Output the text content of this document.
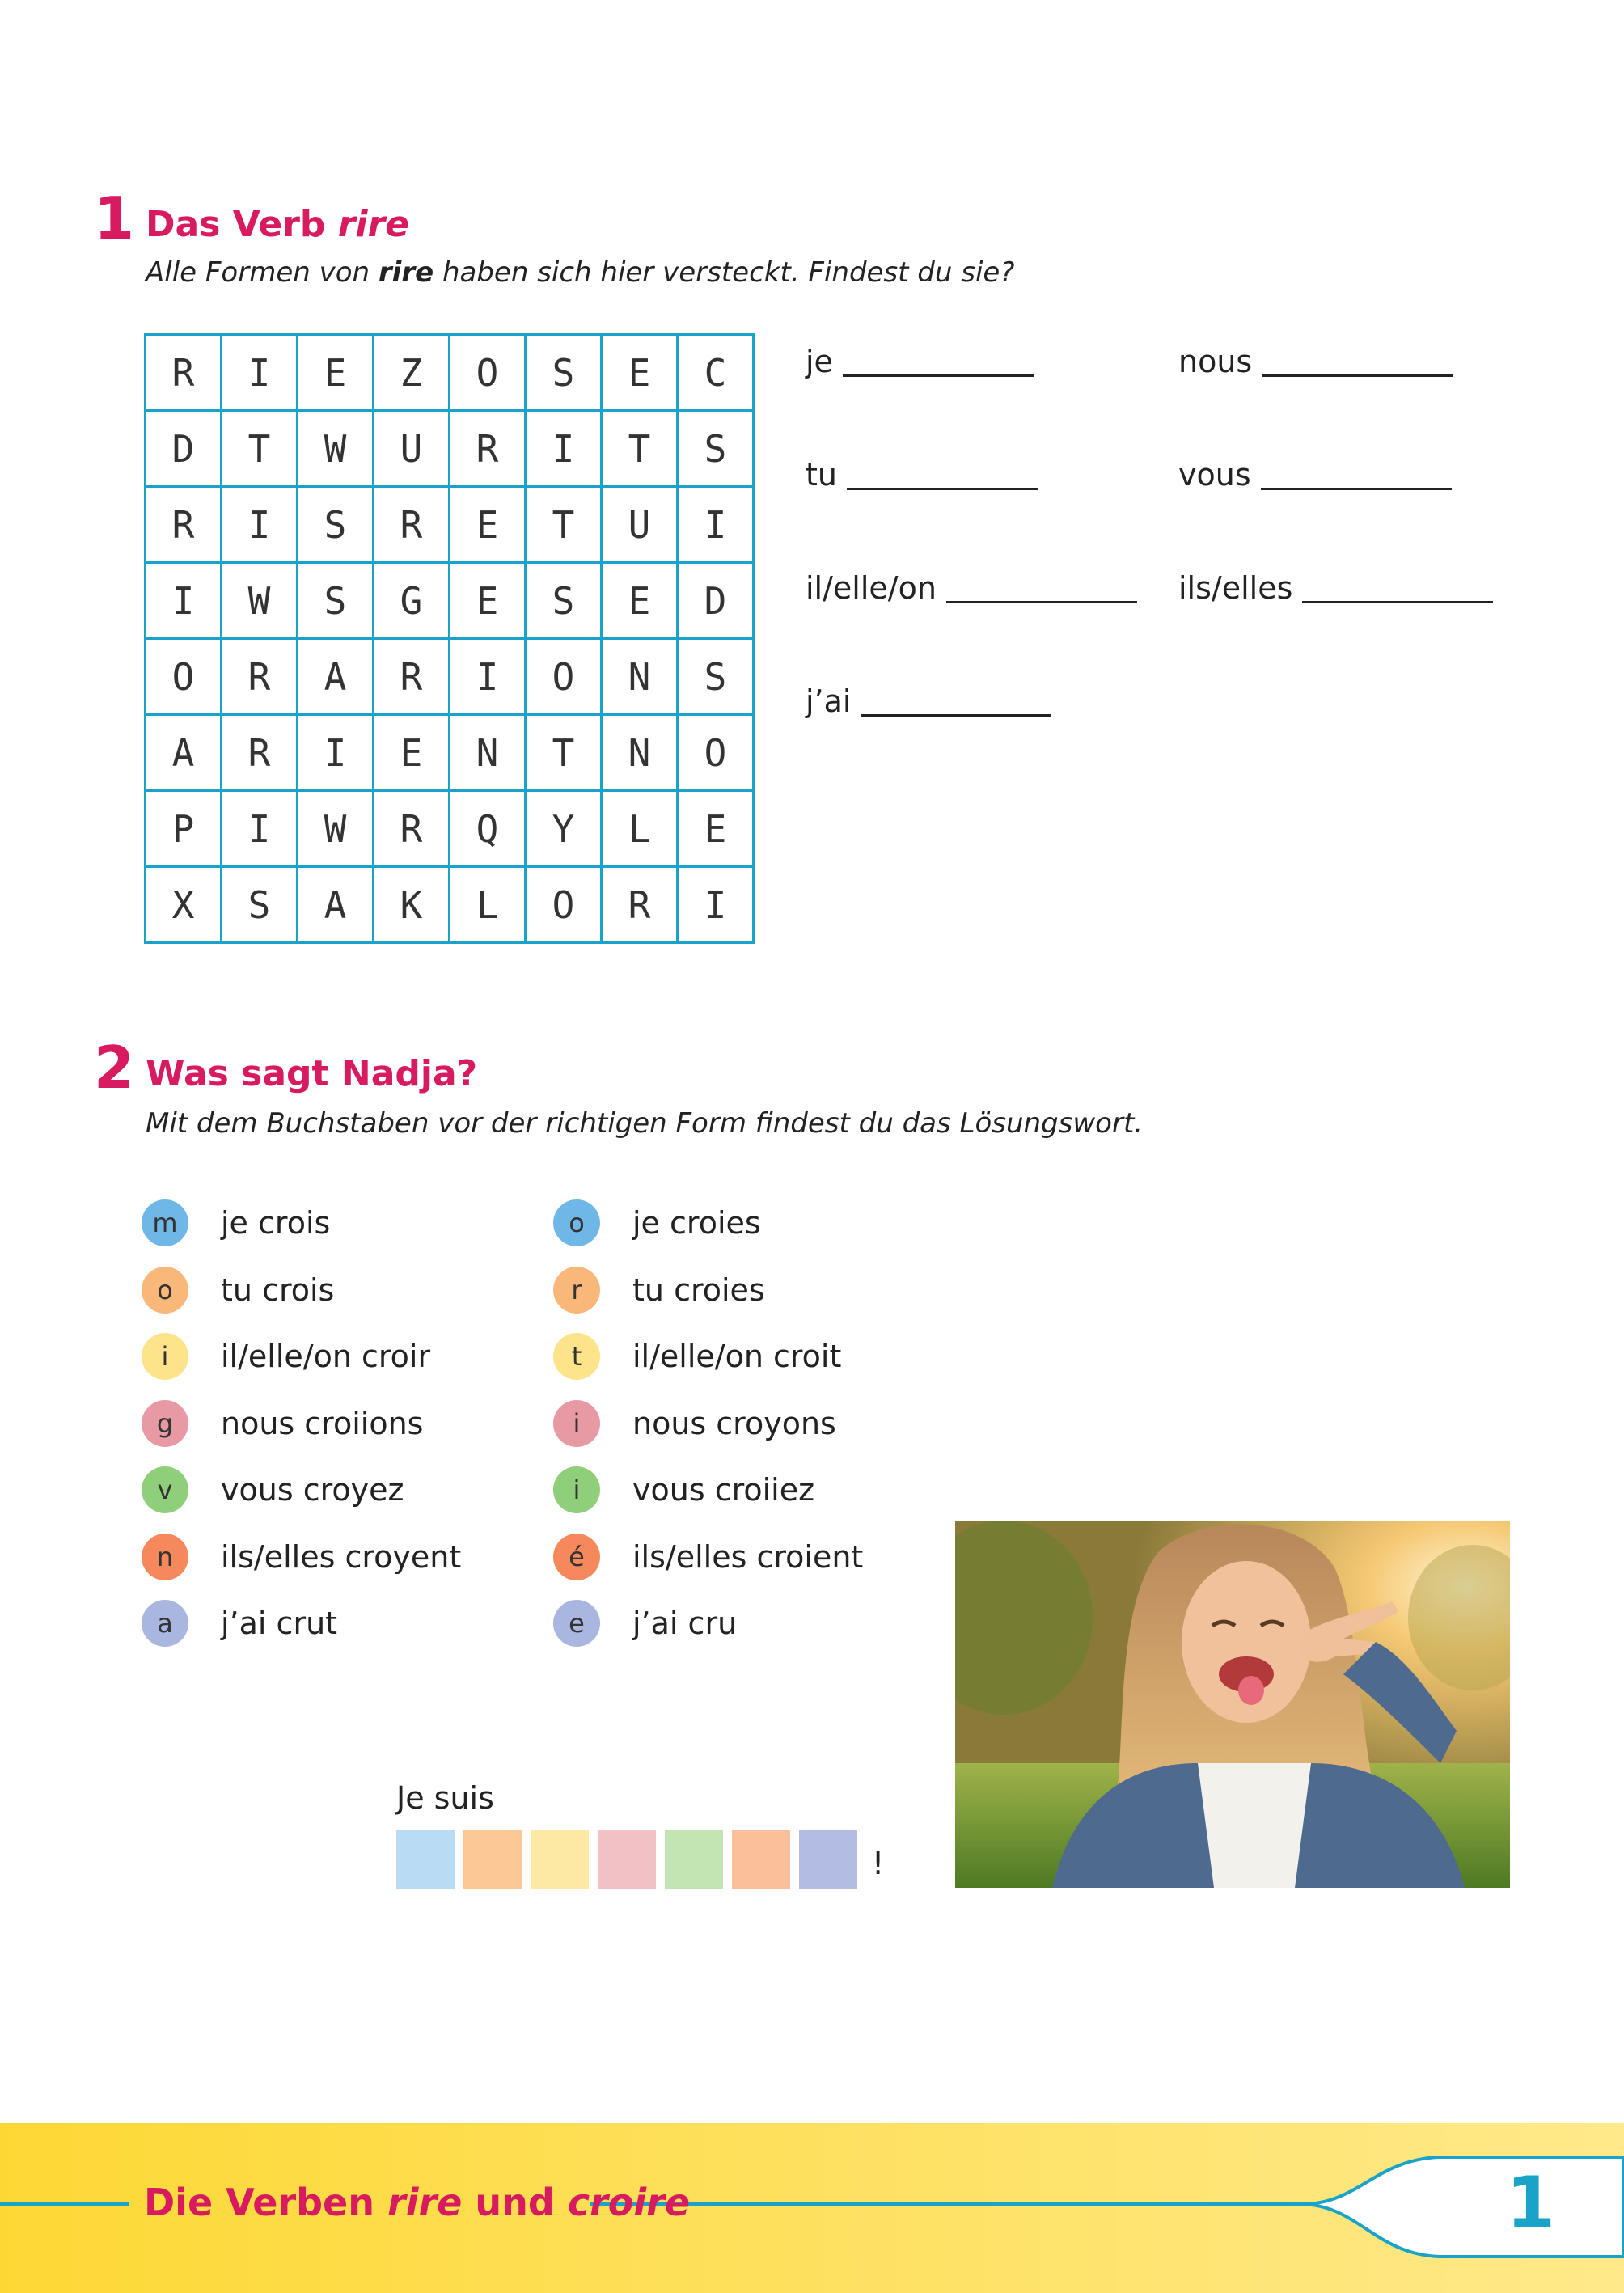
1 Das Verb rire
Alle Formen von rire haben sich hier versteckt. Findest du sie?
R	I	E	Z	O	S	E	C
D	T	W	U	R	I	T	S
R	I	S	R	E	T	U	I
I	W	S	G	E	S	E	D
O	R	A	R	I	O	N	S
A	R	I	E	N	T	N	O
P	I	W	R	Q	Y	L	E
X	S	A	K	L	O	R	I
je	nous
tu	vous
il/elle/on	ils/elles
j’ai
2 Was sagt Nadja?
Mit dem Buchstaben vor der richtigen Form findest du das Lösungswort.
m	je crois
o	tu crois
i	il/elle/on croir
g	nous croiions
v	vous croyez
n	ils/elles croyent
a	j’ai crut
o	je croies
r	tu croies
t	il/elle/on croit
i	nous croyons
i	vous croiiez
é	ils/elles croient
e	j’ai cru
Je suis
!
Die Verben rire und croire	1
